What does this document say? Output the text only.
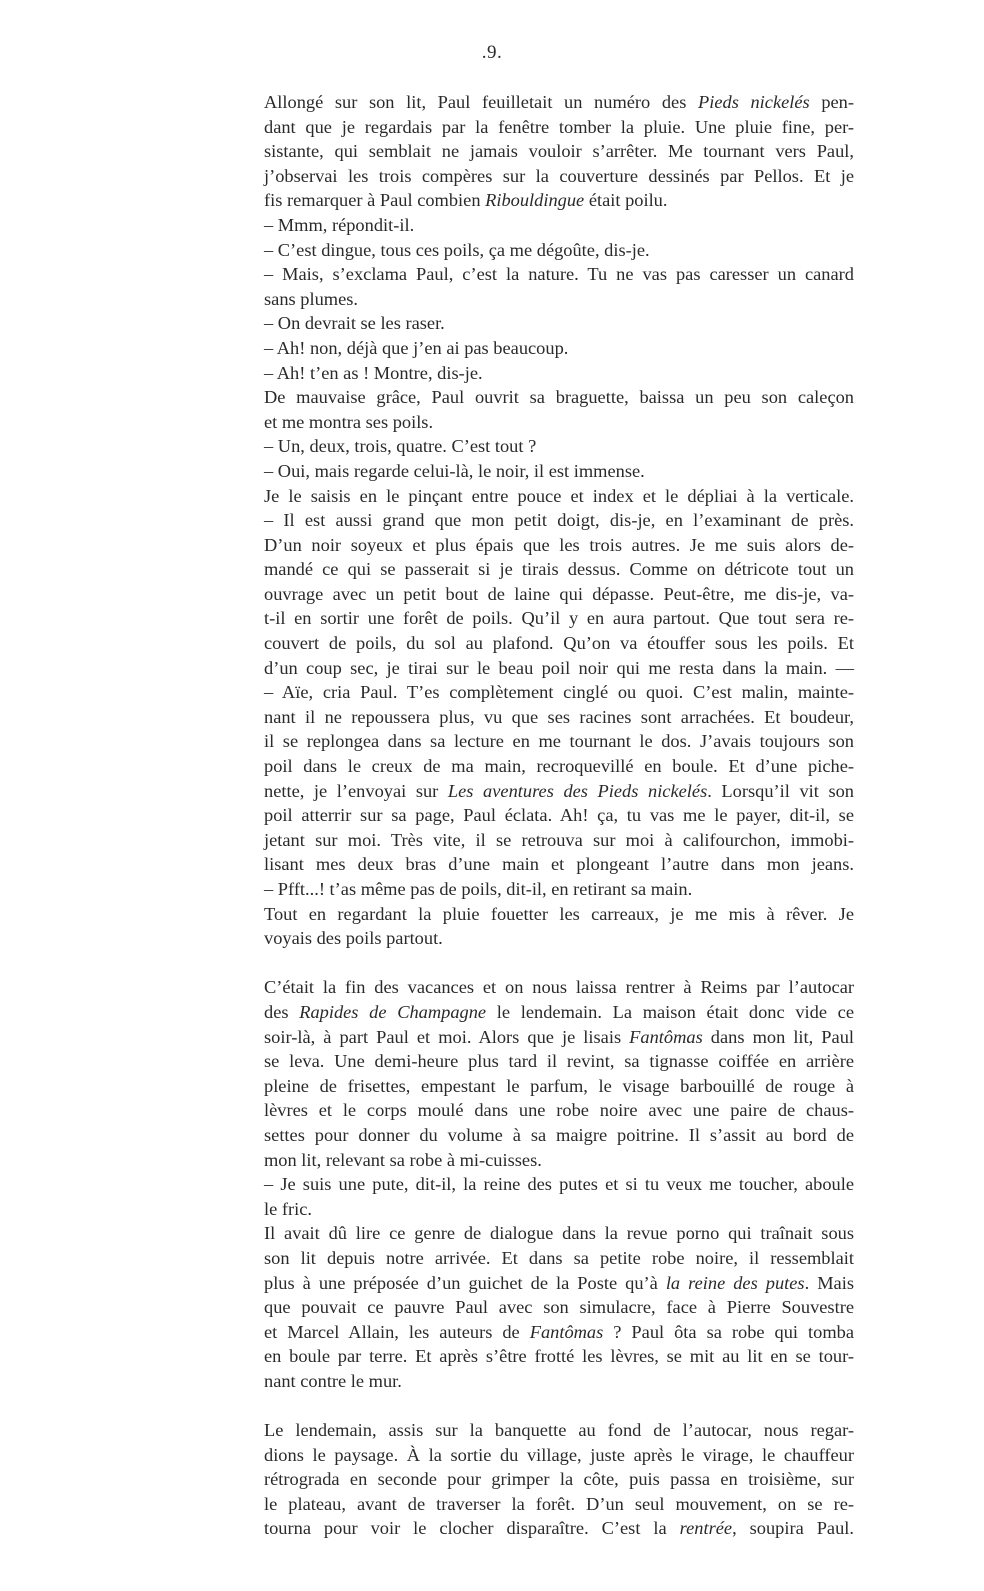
.9.
Allongé sur son lit, Paul feuilletait un numéro des Pieds nickelés pen-
dant que je regardais par la fenêtre tomber la pluie. Une pluie fine, per-
sistante, qui semblait ne jamais vouloir s’arrêter. Me tournant vers Paul,
j’observai les trois compères sur la couverture dessinés par Pellos. Et je
fis remarquer à Paul combien Ribouldingue était poilu.
– Mmm, répondit-il.
– C’est dingue, tous ces poils, ça me dégoûte, dis-je.
– Mais, s’exclama Paul, c’est la nature. Tu ne vas pas caresser un canard
sans plumes.
– On devrait se les raser.
– Ah! non, déjà que j’en ai pas beaucoup.
– Ah! t’en as ! Montre, dis-je.
De mauvaise grâce, Paul ouvrit sa braguette, baissa un peu son caleçon
et me montra ses poils.
– Un, deux, trois, quatre. C’est tout ?
– Oui, mais regarde celui-là, le noir, il est immense.
Je le saisis en le pinçant entre pouce et index et le dépliai à la verticale.
– Il est aussi grand que mon petit doigt, dis-je, en l’examinant de près.
D’un noir soyeux et plus épais que les trois autres. Je me suis alors de-
mandé ce qui se passerait si je tirais dessus. Comme on détricote tout un
ouvrage avec un petit bout de laine qui dépasse. Peut-être, me dis-je, va-
t-il en sortir une forêt de poils. Qu’il y en aura partout. Que tout sera re-
couvert de poils, du sol au plafond. Qu’on va étouffer sous les poils. Et
d’un coup sec, je tirai sur le beau poil noir qui me resta dans la main. —
– Aïe, cria Paul. T’es complètement cinglé ou quoi. C’est malin, mainte-
nant il ne repoussera plus, vu que ses racines sont arrachées. Et boudeur,
il se replongea dans sa lecture en me tournant le dos. J’avais toujours son
poil dans le creux de ma main, recroquevillé en boule. Et d’une piche-
nette, je l’envoyai sur Les aventures des Pieds nickelés. Lorsqu’il vit son
poil atterrir sur sa page, Paul éclata. Ah! ça, tu vas me le payer, dit-il, se
jetant sur moi. Très vite, il se retrouva sur moi à califourchon, immobi-
lisant mes deux bras d’une main et plongeant l’autre dans mon jeans.
– Pfft...! t’as même pas de poils, dit-il, en retirant sa main.
Tout en regardant la pluie fouetter les carreaux, je me mis à rêver. Je
voyais des poils partout.
C’était la fin des vacances et on nous laissa rentrer à Reims par l’autocar
des Rapides de Champagne le lendemain. La maison était donc vide ce
soir-là, à part Paul et moi. Alors que je lisais Fantômas dans mon lit, Paul
se leva. Une demi-heure plus tard il revint, sa tignasse coiffée en arrière
pleine de frisettes, empestant le parfum, le visage barbouillé de rouge à
lèvres et le corps moulé dans une robe noire avec une paire de chaus-
settes pour donner du volume à sa maigre poitrine. Il s’assit au bord de
mon lit, relevant sa robe à mi-cuisses.
– Je suis une pute, dit-il, la reine des putes et si tu veux me toucher, aboule
le fric.
Il avait dû lire ce genre de dialogue dans la revue porno qui traînait sous
son lit depuis notre arrivée. Et dans sa petite robe noire, il ressemblait
plus à une préposée d’un guichet de la Poste qu’à la reine des putes. Mais
que pouvait ce pauvre Paul avec son simulacre, face à Pierre Souvestre
et Marcel Allain, les auteurs de Fantômas ? Paul ôta sa robe qui tomba
en boule par terre. Et après s’être frotté les lèvres, se mit au lit en se tour-
nant contre le mur.
Le lendemain, assis sur la banquette au fond de l’autocar, nous regar-
dions le paysage. À la sortie du village, juste après le virage, le chauffeur
rétrograda en seconde pour grimper la côte, puis passa en troisième, sur
le plateau, avant de traverser la forêt. D’un seul mouvement, on se re-
tourna pour voir le clocher disparaître. C’est la rentrée, soupira Paul.
